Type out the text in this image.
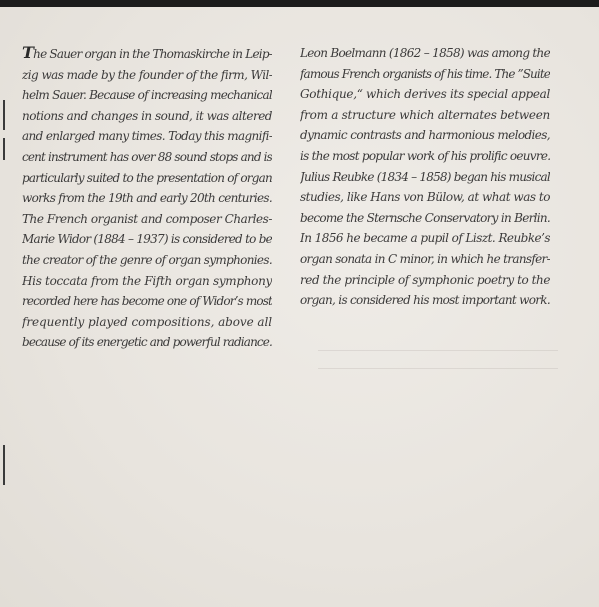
The Sauer organ in the Thomaskirche in Leip-
zig was made by the founder of the firm, Wil-
helm Sauer. Because of increasing mechanical
notions and changes in sound, it was altered
and enlarged many times. Today this magnifi-
cent instrument has over 88 sound stops and is
particularly suited to the presentation of organ
works from the 19th and early 20th centuries.
The French organist and composer Charles-
Marie Widor (1884 – 1937) is considered to be
the creator of the genre of organ symphonies.
His toccata from the Fifth organ symphony
recorded here has become one of Widor’s most
frequently played compositions, above all
because of its energetic and powerful radiance.
Leon Boelmann (1862 – 1858) was among the
famous French organists of his time. The ”Suite
Gothique,“ which derives its special appeal
from a structure which alternates between
dynamic contrasts and harmonious melodies,
is the most popular work of his prolific oeuvre.
Julius Reubke (1834 – 1858) began his musical
studies, like Hans von Bülow, at what was to
become the Sternsche Conservatory in Berlin.
In 1856 he became a pupil of Liszt. Reubke’s
organ sonata in C minor, in which he transfer-
red the principle of symphonic poetry to the
organ, is considered his most important work.
